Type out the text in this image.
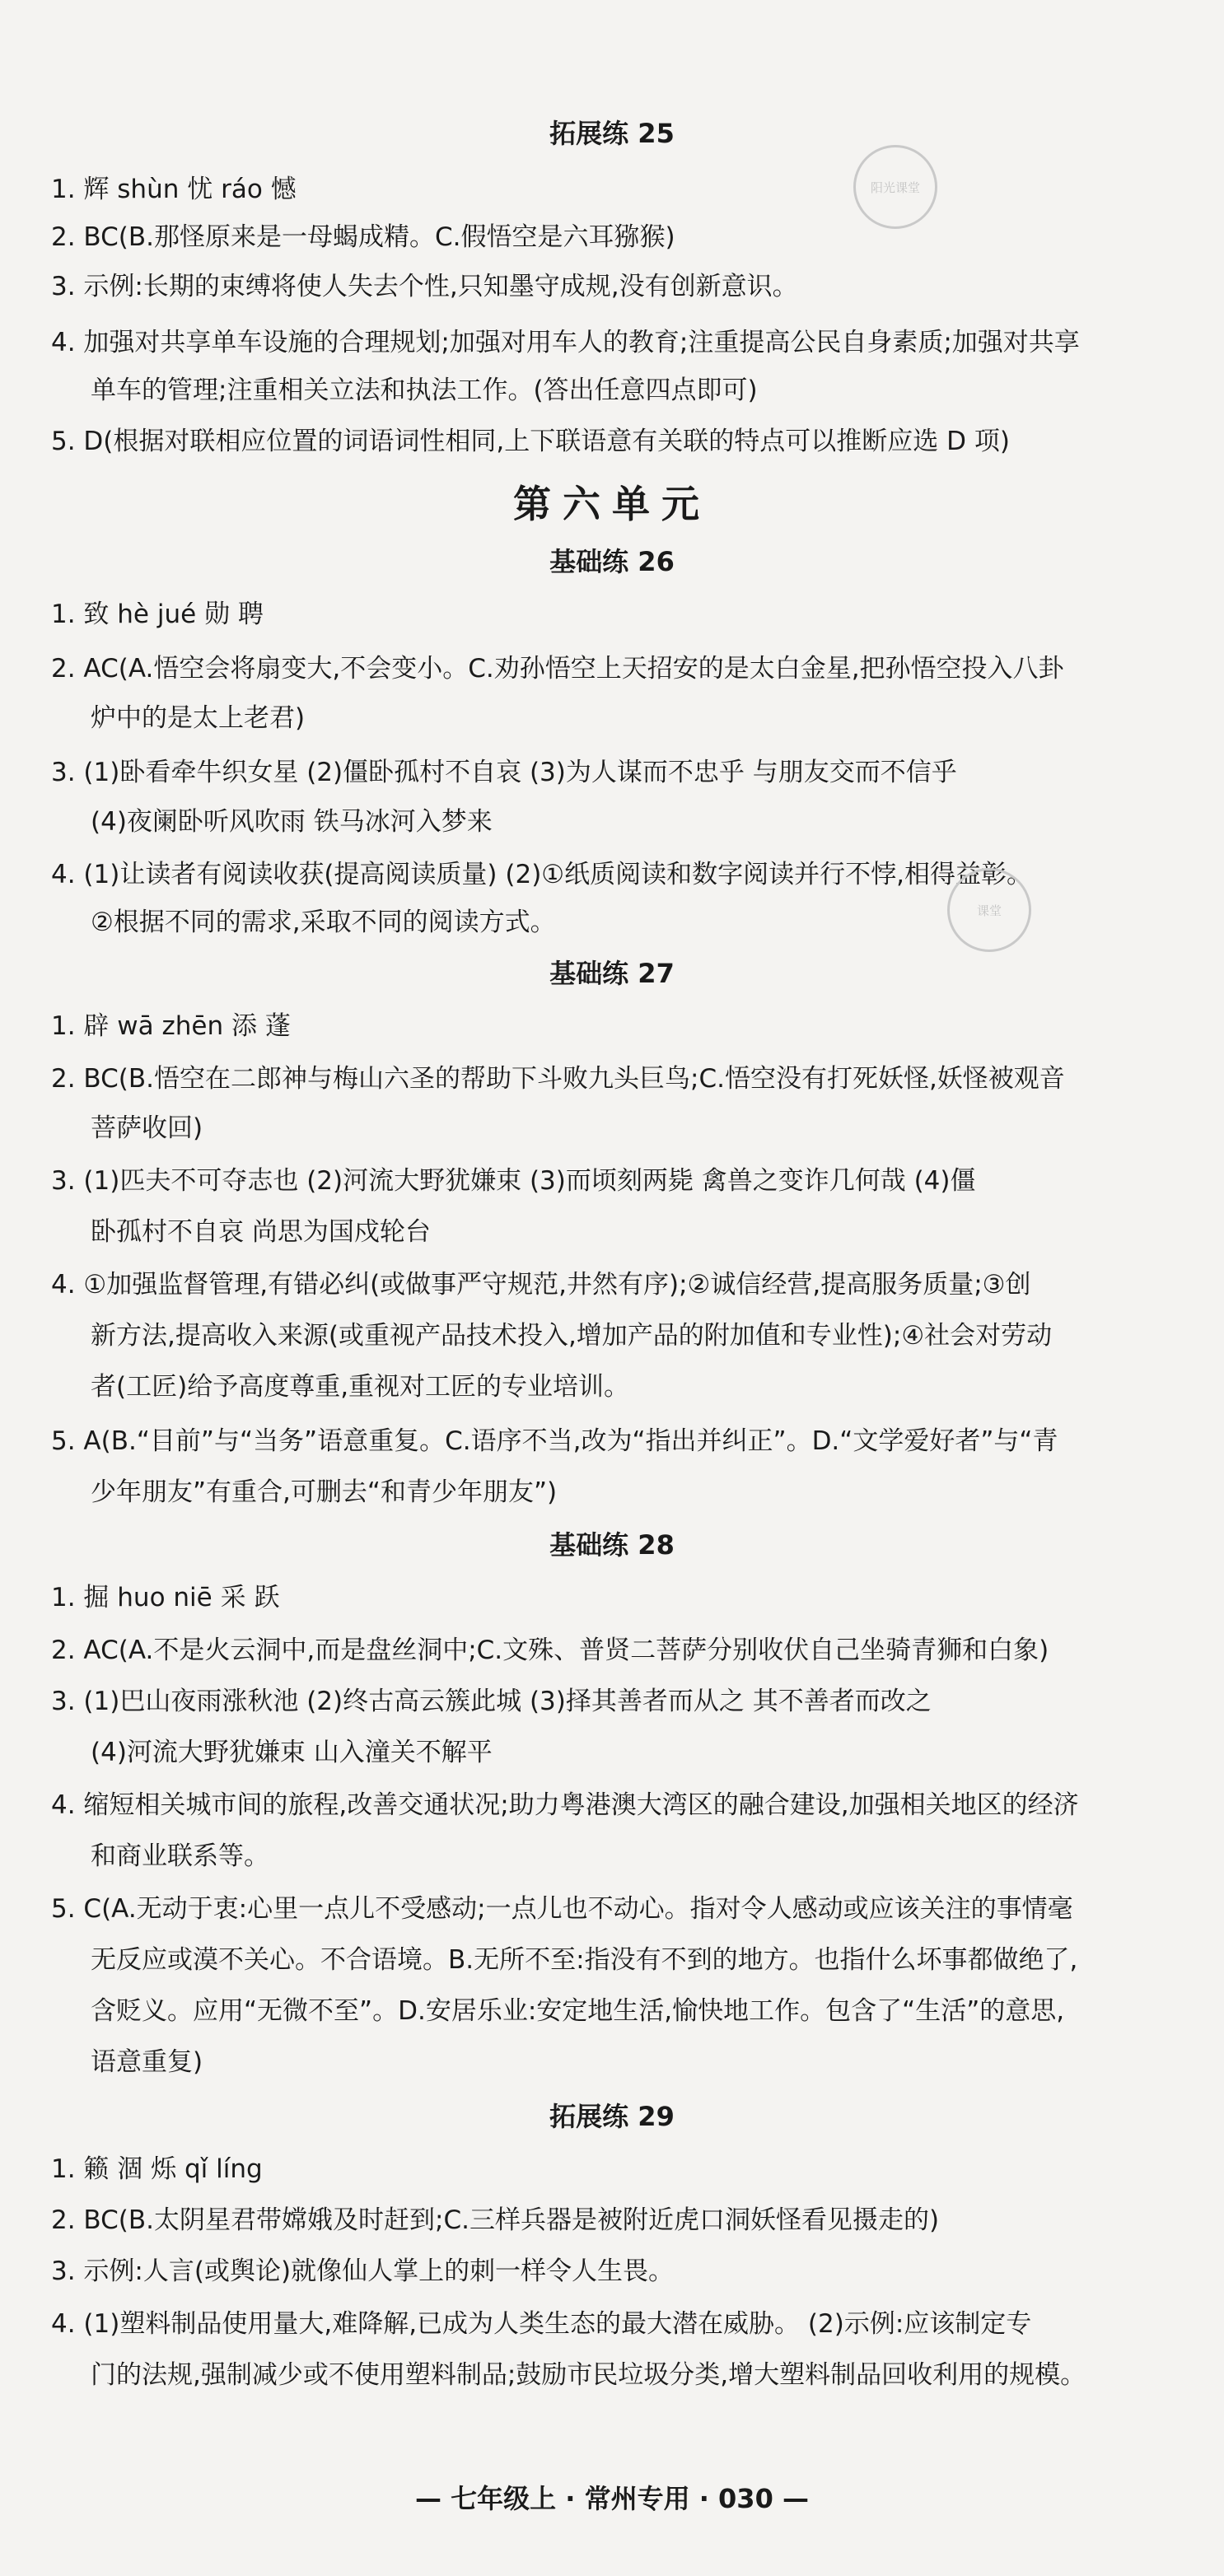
拓展练 25
1. 辉 shùn 忧 ráo 憾
2. BC(B.那怪原来是一母蝎成精。C.假悟空是六耳猕猴)
3. 示例:长期的束缚将使人失去个性,只知墨守成规,没有创新意识。
4. 加强对共享单车设施的合理规划;加强对用车人的教育;注重提高公民自身素质;加强对共享
单车的管理;注重相关立法和执法工作。(答出任意四点即可)
5. D(根据对联相应位置的词语词性相同,上下联语意有关联的特点可以推断应选 D 项)
第六单元
基础练 26
1. 致 hè jué 勋 聘
2. AC(A.悟空会将扇变大,不会变小。C.劝孙悟空上天招安的是太白金星,把孙悟空投入八卦
炉中的是太上老君)
3. (1)卧看牵牛织女星 (2)僵卧孤村不自哀 (3)为人谋而不忠乎 与朋友交而不信乎
(4)夜阑卧听风吹雨 铁马冰河入梦来
4. (1)让读者有阅读收获(提高阅读质量) (2)①纸质阅读和数字阅读并行不悖,相得益彰。
②根据不同的需求,采取不同的阅读方式。
基础练 27
1. 辟 wā zhēn 添 蓬
2. BC(B.悟空在二郎神与梅山六圣的帮助下斗败九头巨鸟;C.悟空没有打死妖怪,妖怪被观音
菩萨收回)
3. (1)匹夫不可夺志也 (2)河流大野犹嫌束 (3)而顷刻两毙 禽兽之变诈几何哉 (4)僵
卧孤村不自哀 尚思为国戍轮台
4. ①加强监督管理,有错必纠(或做事严守规范,井然有序);②诚信经营,提高服务质量;③创
新方法,提高收入来源(或重视产品技术投入,增加产品的附加值和专业性);④社会对劳动
者(工匠)给予高度尊重,重视对工匠的专业培训。
5. A(B.“目前”与“当务”语意重复。C.语序不当,改为“指出并纠正”。D.“文学爱好者”与“青
少年朋友”有重合,可删去“和青少年朋友”)
基础练 28
1. 掘 huo niē 采 跃
2. AC(A.不是火云洞中,而是盘丝洞中;C.文殊、普贤二菩萨分别收伏自己坐骑青狮和白象)
3. (1)巴山夜雨涨秋池 (2)终古高云簇此城 (3)择其善者而从之 其不善者而改之
(4)河流大野犹嫌束 山入潼关不解平
4. 缩短相关城市间的旅程,改善交通状况;助力粤港澳大湾区的融合建设,加强相关地区的经济
和商业联系等。
5. C(A.无动于衷:心里一点儿不受感动;一点儿也不动心。指对令人感动或应该关注的事情毫
无反应或漠不关心。不合语境。B.无所不至:指没有不到的地方。也指什么坏事都做绝了,
含贬义。应用“无微不至”。D.安居乐业:安定地生活,愉快地工作。包含了“生活”的意思,
语意重复)
拓展练 29
1. 籁 涸 烁 qǐ líng
2. BC(B.太阴星君带嫦娥及时赶到;C.三样兵器是被附近虎口洞妖怪看见摄走的)
3. 示例:人言(或舆论)就像仙人掌上的刺一样令人生畏。
4. (1)塑料制品使用量大,难降解,已成为人类生态的最大潜在威胁。 (2)示例:应该制定专
门的法规,强制减少或不使用塑料制品;鼓励市民垃圾分类,增大塑料制品回收利用的规模。
— 七年级上 · 常州专用 · 030 —
阳光课堂
课堂
